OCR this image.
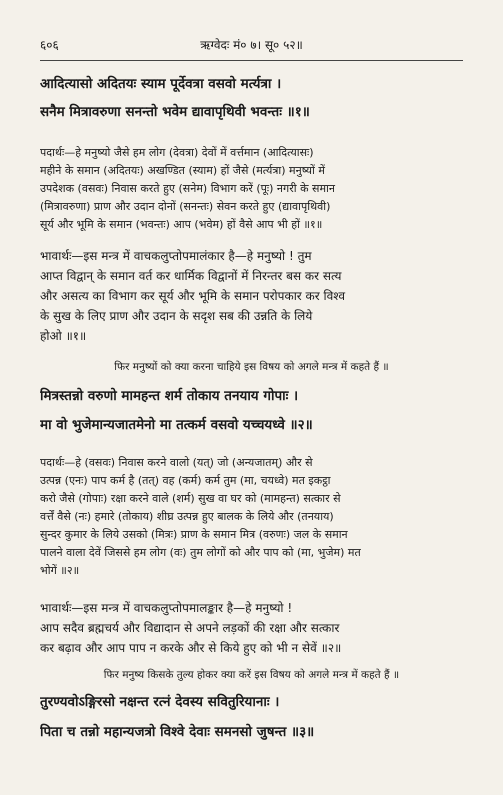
६०६	ऋग्वेदः मं० ७। सू० ५२॥
आदित्यासो अदितयः स्याम पूर्देवत्रा वसवो मर्त्यत्रा ।
सनैम मित्रावरुणा सनन्तो भवेम द्यावापृथिवी भवन्तः ॥१॥
पदार्थः—हे मनुष्यो जैसे हम लोग (देवत्रा) देवों में वर्त्तमान (आदित्यासः)
महीने के समान (अदितयः) अखण्डित (स्याम) हों जैसे (मर्त्यत्रा) मनुष्यों में
उपदेशक (वसवः) निवास करते हुए (सनेम) विभाग करें (पूः) नगरी के समान
(मित्रावरुणा) प्राण और उदान दोनों (सनन्तः) सेवन करते हुए (द्यावापृथिवी)
सूर्य और भूमि के समान (भवन्तः) आप (भवेम) हों वैसे आप भी हों ॥१॥
भावार्थः—इस मन्त्र में वाचकलुप्तोपमालंकार है—हे मनुष्यो ! तुम
आप्त विद्वान् के समान वर्त कर धार्मिक विद्वानों में निरन्तर बस कर सत्य
और असत्य का विभाग कर सूर्य और भूमि के समान परोपकार कर विश्व
के सुख के लिए प्राण और उदान के सदृश सब की उन्नति के लिये
होओ ॥१॥
फिर मनुष्यों को क्या करना चाहिये इस विषय को अगले मन्त्र में कहते हैं ॥
मित्रस्तन्नो वरुणो मामहन्त शर्म तोकाय तनयाय गोपाः ।
मा वो भुजेमान्यजातमेनो मा तत्कर्म वसवो यच्चयध्वे ॥२॥
पदार्थः—हे (वसवः) निवास करने वालो (यत्) जो (अन्यजातम्) और से
उत्पन्न (एनः) पाप कर्म है (तत्) वह (कर्म) कर्म तुम (मा, चयध्वे) मत इकट्ठा
करो जैसे (गोपाः) रक्षा करने वाले (शर्म) सुख वा घर को (मामहन्त) सत्कार से
वर्त्तें वैसे (नः) हमारे (तोकाय) शीघ्र उत्पन्न हुए बालक के लिये और (तनयाय)
सुन्दर कुमार के लिये उसको (मित्रः) प्राण के समान मित्र (वरुणः) जल के समान
पालने वाला देवें जिससे हम लोग (वः) तुम लोगों को और पाप को (मा, भुजेम) मत
भोगें ॥२॥
भावार्थः—इस मन्त्र में वाचकलुप्तोपमालङ्कार है—हे मनुष्यो !
आप सदैव ब्रह्मचर्य और विद्यादान से अपने लड़कों की रक्षा और सत्कार
कर बढ़ाव और आप पाप न करके और से किये हुए को भी न सेवें ॥२॥
फिर मनुष्य किसके तुल्य होकर क्या करें इस विषय को अगले मन्त्र में कहते हैं ॥
तुरण्यवोऽङ्गिरसो नक्षन्त रत्नं देवस्य सवितुरियानाः ।
पिता च तन्नो महान्यजत्रो विश्वे देवाः समनसो जुषन्त ॥३॥
